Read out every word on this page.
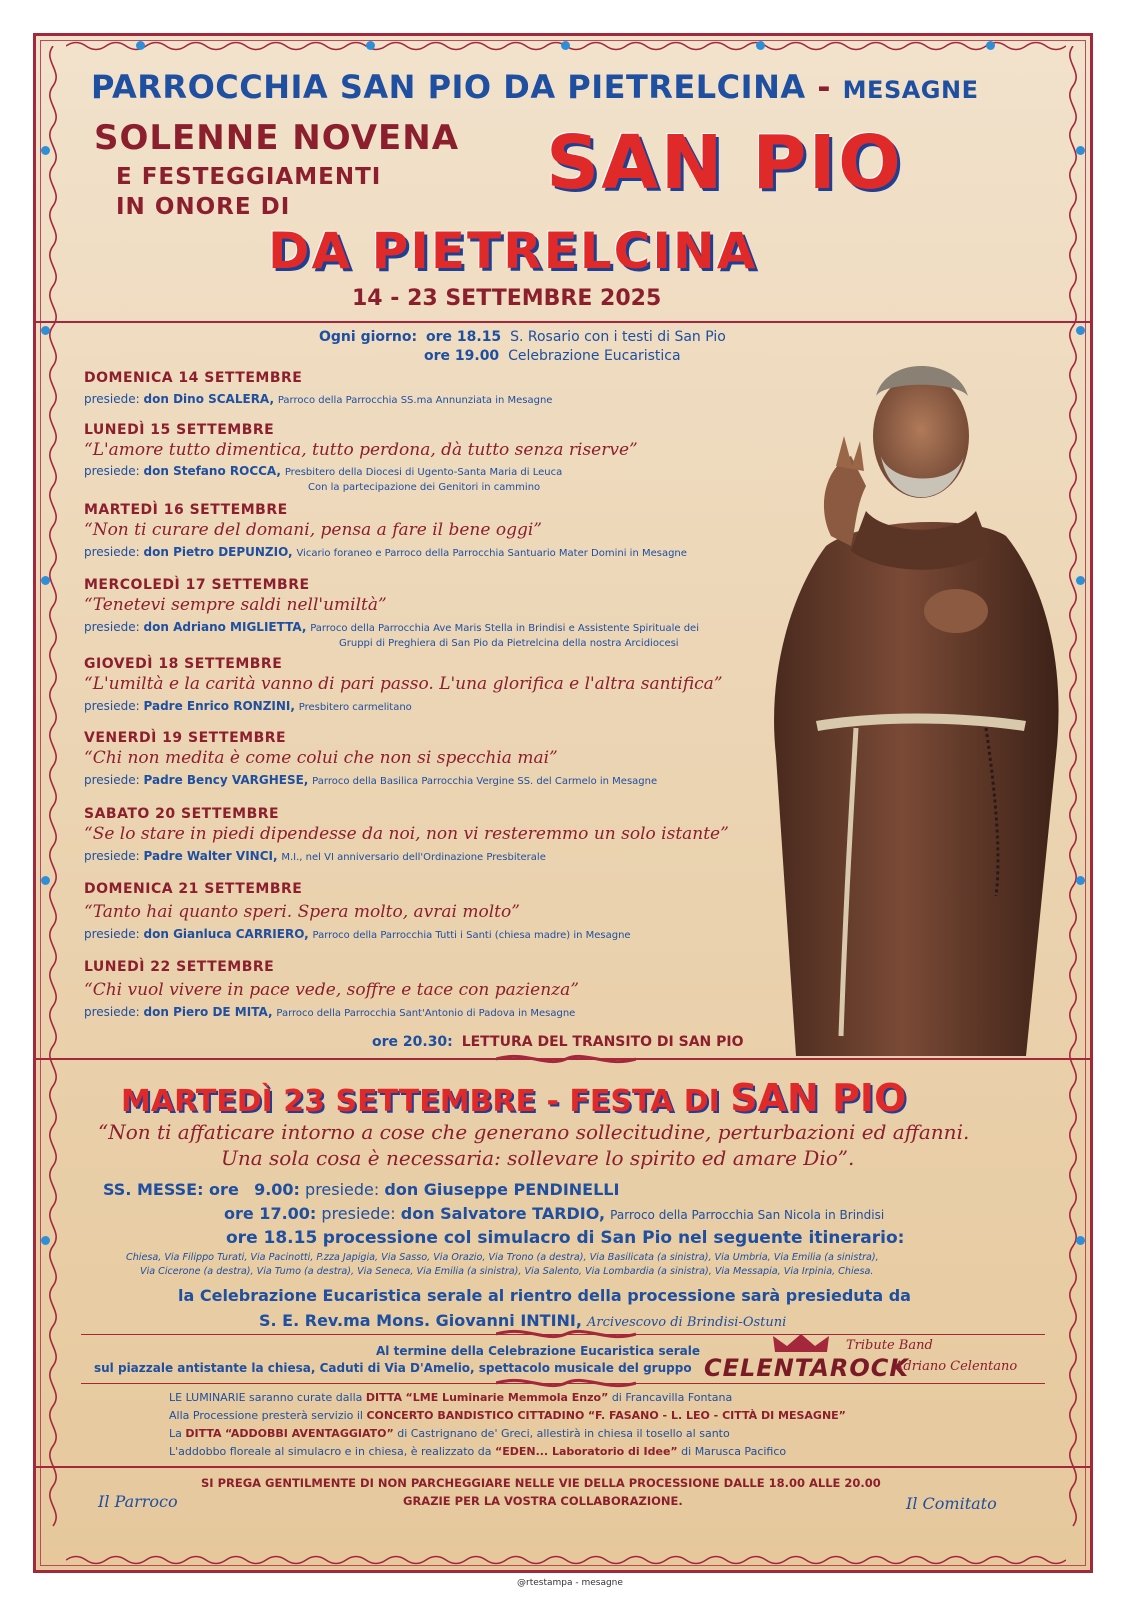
PARROCCHIA SAN PIO DA PIETRELCINA - MESAGNE

SOLENNE NOVENA

E FESTEGGIAMENTI

IN ONORE DI

SAN PIO

DA PIETRELCINA

14 - 23 SETTEMBRE 2025

Ogni giorno: ore 18.15 S. Rosario con i testi di San Pio

ore 19.00 Celebrazione Eucaristica

DOMENICA 14 SETTEMBRE

presiede: don Dino SCALERA, Parroco della Parrocchia SS.ma Annunziata in Mesagne

LUNEDÌ 15 SETTEMBRE

“L'amore tutto dimentica, tutto perdona, dà tutto senza riserve”

presiede: don Stefano ROCCA, Presbitero della Diocesi di Ugento-Santa Maria di Leuca

Con la partecipazione dei Genitori in cammino

MARTEDÌ 16 SETTEMBRE

“Non ti curare del domani, pensa a fare il bene oggi”

presiede: don Pietro DEPUNZIO, Vicario foraneo e Parroco della Parrocchia Santuario Mater Domini in Mesagne

MERCOLEDÌ 17 SETTEMBRE

“Tenetevi sempre saldi nell'umiltà”

presiede: don Adriano MIGLIETTA, Parroco della Parrocchia Ave Maris Stella in Brindisi e Assistente Spirituale dei

Gruppi di Preghiera di San Pio da Pietrelcina della nostra Arcidiocesi

GIOVEDÌ 18 SETTEMBRE

“L'umiltà e la carità vanno di pari passo. L'una glorifica e l'altra santifica”

presiede: Padre Enrico RONZINI, Presbitero carmelitano

VENERDÌ 19 SETTEMBRE

“Chi non medita è come colui che non si specchia mai”

presiede: Padre Bency VARGHESE, Parroco della Basilica Parrocchia Vergine SS. del Carmelo in Mesagne

SABATO 20 SETTEMBRE

“Se lo stare in piedi dipendesse da noi, non vi resteremmo un solo istante”

presiede: Padre Walter VINCI, M.I., nel VI anniversario dell'Ordinazione Presbiterale

DOMENICA 21 SETTEMBRE

“Tanto hai quanto speri. Spera molto, avrai molto”

presiede: don Gianluca CARRIERO, Parroco della Parrocchia Tutti i Santi (chiesa madre) in Mesagne

LUNEDÌ 22 SETTEMBRE

“Chi vuol vivere in pace vede, soffre e tace con pazienza”

presiede: don Piero DE MITA, Parroco della Parrocchia Sant'Antonio di Padova in Mesagne

ore 20.30: LETTURA DEL TRANSITO DI SAN PIO

MARTEDÌ 23 SETTEMBRE - FESTA DI SAN PIO

“Non ti affaticare intorno a cose che generano sollecitudine, perturbazioni ed affanni.

Una sola cosa è necessaria: sollevare lo spirito ed amare Dio”.

SS. MESSE: ore 9.00: presiede: don Giuseppe PENDINELLI

ore 17.00: presiede: don Salvatore TARDIO, Parroco della Parrocchia San Nicola in Brindisi

ore 18.15 processione col simulacro di San Pio nel seguente itinerario:

Chiesa, Via Filippo Turati, Via Pacinotti, P.zza Japigia, Via Sasso, Via Orazio, Via Trono (a destra), Via Basilicata (a sinistra), Via Umbria, Via Emilia (a sinistra),

Via Cicerone (a destra), Via Tumo (a destra), Via Seneca, Via Emilia (a sinistra), Via Salento, Via Lombardia (a sinistra), Via Messapia, Via Irpinia, Chiesa.

la Celebrazione Eucaristica serale al rientro della processione sarà presieduta da

S. E. Rev.ma Mons. Giovanni INTINI, Arcivescovo di Brindisi-Ostuni

Al termine della Celebrazione Eucaristica serale

sul piazzale antistante la chiesa, Caduti di Via D'Amelio, spettacolo musicale del gruppo CELENTAROCK

Tribute Band

Adriano Celentano

LE LUMINARIE saranno curate dalla DITTA “LME Luminarie Memmola Enzo” di Francavilla Fontana

Alla Processione presterà servizio il CONCERTO BANDISTICO CITTADINO “F. FASANO - L. LEO - CITTÀ DI MESAGNE”

La DITTA “ADDOBBI AVENTAGGIATO” di Castrignano de' Greci, allestirà in chiesa il tosello al santo

L'addobbo floreale al simulacro e in chiesa, è realizzato da “EDEN... Laboratorio di Idee” di Marusca Pacifico

SI PREGA GENTILMENTE DI NON PARCHEGGIARE NELLE VIE DELLA PROCESSIONE DALLE 18.00 ALLE 20.00

GRAZIE PER LA VOSTRA COLLABORAZIONE.

Il Parroco	Il Comitato

@rtestampa - mesagne
